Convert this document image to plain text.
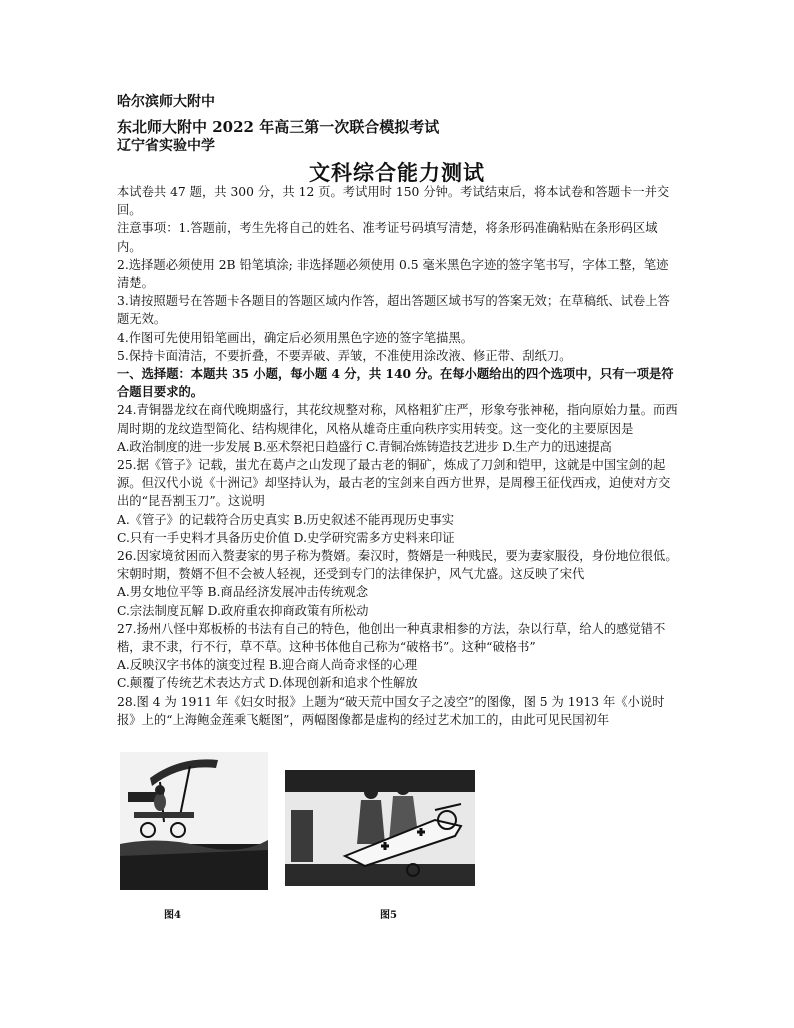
哈尔滨师大附中
东北师大附中 2022 年高三第一次联合模拟考试
辽宁省实验中学
文科综合能力测试

本试卷共 47 题，共 300 分，共 12 页。考试用时 150 分钟。考试结束后，将本试卷和答题卡一并交回。

注意事项：1.答题前，考生先将自己的姓名、准考证号码填写清楚，将条形码准确粘贴在条形码区域内。

2.选择题必须使用 2B 铅笔填涂; 非选择题必须使用 0.5 毫米黑色字迹的签字笔书写，字体工整，笔迹清楚。

3.请按照题号在答题卡各题目的答题区域内作答，超出答题区域书写的答案无效；在草稿纸、试卷上答题无效。

4.作图可先使用铅笔画出，确定后必须用黑色字迹的签字笔描黑。

5.保持卡面清洁，不要折叠，不要弄破、弄皱，不准使用涂改液、修正带、刮纸刀。

一、选择题：本题共 35 小题，每小题 4 分，共 140 分。在每小题给出的四个选项中，只有一项是符合题目要求的。

24.青铜器龙纹在商代晚期盛行，其花纹规整对称，风格粗犷庄严，形象夸张神秘，指向原始力量。而西周时期的龙纹造型简化、结构规律化，风格从雄奇庄重向秩序实用转变。这一变化的主要原因是

A.政治制度的进一步发展 B.巫术祭祀日趋盛行 C.青铜冶炼铸造技艺进步 D.生产力的迅速提高

25.据《管子》记载，蚩尤在葛卢之山发现了最古老的铜矿，炼成了刀剑和铠甲，这就是中国宝剑的起源。但汉代小说《十洲记》却坚持认为，最古老的宝剑来自西方世界，是周穆王征伐西戎，迫使对方交出的“昆吾割玉刀”。这说明

A.《管子》的记载符合历史真实 B.历史叙述不能再现历史事实

C.只有一手史料才具备历史价值 D.史学研究需多方史料来印证

26.因家境贫困而入赘妻家的男子称为赘婿。秦汉时，赘婿是一种贱民，要为妻家服役，身份地位很低。宋朝时期，赘婿不但不会被人轻视，还受到专门的法律保护，风气尤盛。这反映了宋代

A.男女地位平等 B.商品经济发展冲击传统观念

C.宗法制度瓦解 D.政府重农抑商政策有所松动

27.扬州八怪中郑板桥的书法有自己的特色，他创出一种真隶相参的方法，杂以行草，给人的感觉错不楷，隶不隶，行不行，草不草。这种书体他自己称为“破格书”。这种“破格书”

A.反映汉字书体的演变过程 B.迎合商人尚奇求怪的心理

C.颠覆了传统艺术表达方式 D.体现创新和追求个性解放

28.图 4 为 1911 年《妇女时报》上题为“破天荒中国女子之凌空”的图像，图 5 为 1913 年《小说时报》上的“上海鲍金莲乘飞艇图”，两幅图像都是虚构的经过艺术加工的，由此可见民国初年

图4	图5
